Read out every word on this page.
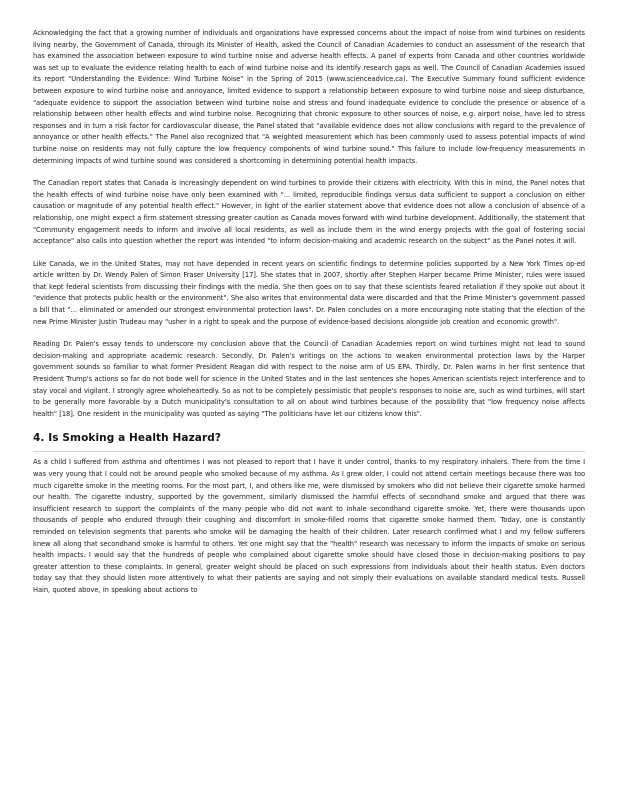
Acknowledging the fact that a growing number of individuals and organizations have expressed concerns about the impact of noise from wind turbines on residents living nearby, the Government of Canada, through its Minister of Health, asked the Council of Canadian Academies to conduct an assessment of the research that has examined the association between exposure to wind turbine noise and adverse health effects. A panel of experts from Canada and other countries worldwide was set up to evaluate the evidence relating health to each of wind turbine noise and its identify research gaps as well. The Council of Canadian Academies issued its report "Understanding the Evidence: Wind Turbine Noise" in the Spring of 2015 (www.scienceadvice.ca). The Executive Summary found sufficient evidence between exposure to wind turbine noise and annoyance, limited evidence to support a relationship between exposure to wind turbine noise and sleep disturbance, "adequate evidence to support the association between wind turbine noise and stress and found inadequate evidence to conclude the presence or absence of a relationship between other health effects and wind turbine noise. Recognizing that chronic exposure to other sources of noise, e.g. airport noise, have led to stress responses and in turn a risk factor for cardiovascular disease, the Panel stated that "available evidence does not allow conclusions with regard to the prevalence of annoyance or other health effects." The Panel also recognized that "A weighted measurement which has been commonly used to assess potential impacts of wind turbine noise on residents may not fully capture the low frequency components of wind turbine sound." This failure to include low-frequency measurements in determining impacts of wind turbine sound was considered a shortcoming in determining potential health impacts.

The Canadian report states that Canada is increasingly dependent on wind turbines to provide their citizens with electricity. With this in mind, the Panel notes that the health effects of wind turbine noise have only been examined with "... limited, reproducible findings versus data sufficient to support a conclusion on either causation or magnitude of any potential health effect." However, in light of the earlier statement above that evidence does not allow a conclusion of absence of a relationship, one might expect a firm statement stressing greater caution as Canada moves forward with wind turbine development. Additionally, the statement that "Community engagement needs to inform and involve all local residents, as well as include them in the wind energy projects with the goal of fostering social acceptance" also calls into question whether the report was intended "to inform decision-making and academic research on the subject" as the Panel notes it will.

Like Canada, we in the United States, may not have depended in recent years on scientific findings to determine policies supported by a New York Times op-ed article written by Dr. Wendy Palen of Simon Fraser University [17]. She states that in 2007, shortly after Stephen Harper became Prime Minister, rules were issued that kept federal scientists from discussing their findings with the media. She then goes on to say that these scientists feared retaliation if they spoke out about it "evidence that protects public health or the environment". She also writes that environmental data were discarded and that the Prime Minister's government passed a bill that "... eliminated or amended our strongest environmental protection laws". Dr. Palen concludes on a more encouraging note stating that the election of the new Prime Minister Justin Trudeau may "usher in a right to speak and the purpose of evidence-based decisions alongside job creation and economic growth".

Reading Dr. Palen's essay tends to underscore my conclusion above that the Council of Canadian Academies report on wind turbines might not lead to sound decision-making and appropriate academic research. Secondly, Dr. Palen's writings on the actions to weaken environmental protection laws by the Harper government sounds so familiar to what former President Reagan did with respect to the noise arm of US EPA. Thirdly, Dr. Palen warns in her first sentence that President Trump's actions so far do not bode well for science in the United States and in the last sentences she hopes American scientists reject interference and to stay vocal and vigilant. I strongly agree wholeheartedly. So as not to be completely pessimistic that people's responses to noise are, such as wind turbines, will start to be generally more favorable by a Dutch municipality's consultation to all on about wind turbines because of the possibility that "low frequency noise affects health" [18]. One resident in the municipality was quoted as saying "The politicians have let our citizens know this".

4. Is Smoking a Health Hazard?

As a child I suffered from asthma and oftentimes I was not pleased to report that I have it under control, thanks to my respiratory inhalers. There from the time I was very young that I could not be around people who smoked because of my asthma. As I grew older, I could not attend certain meetings because there was too much cigarette smoke in the meeting rooms. For the most part, I, and others like me, were dismissed by smokers who did not believe their cigarette smoke harmed our health. The cigarette industry, supported by the government, similarly dismissed the harmful effects of secondhand smoke and argued that there was insufficient research to support the complaints of the many people who did not want to inhale secondhand cigarette smoke. Yet, there were thousands upon thousands of people who endured through their coughing and discomfort in smoke-filled rooms that cigarette smoke harmed them. Today, one is constantly reminded on television segments that parents who smoke will be damaging the health of their children. Later research confirmed what I and my fellow sufferers knew all along that secondhand smoke is harmful to others. Yet one might say that the "health" research was necessary to inform the impacts of smoke on serious health impacts. I would say that the hundreds of people who complained about cigarette smoke should have closed those in decision-making positions to pay greater attention to these complaints. In general, greater weight should be placed on such expressions from individuals about their health status. Even doctors today say that they should listen more attentively to what their patients are saying and not simply their evaluations on available standard medical tests. Russell Hain, quoted above, in speaking about actions to
